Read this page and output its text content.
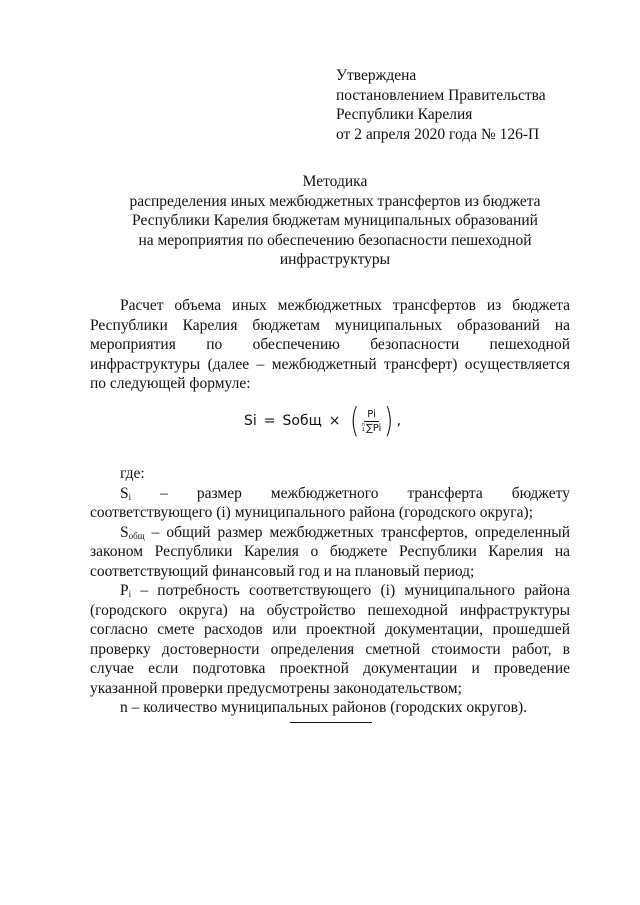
Утверждена
постановлением Правительства
Республики Карелия
от 2 апреля 2020 года № 126-П
Методика
распределения иных межбюджетных трансфертов из бюджета
Республики Карелия бюджетам муниципальных образований
на мероприятия по обеспечению безопасности пешеходной
инфраструктуры

Расчет объема иных межбюджетных трансфертов из бюджета Республики Карелия бюджетам муниципальных образований на мероприятия по обеспечению безопасности пешеходной инфраструктуры (далее – межбюджетный трансферт) осуществляется по следующей формуле:

Si = Sобщ × ( Pi
n
1 ∑ Pi ) ,

где:

$S_i$ – размер межбюджетного трансферта бюджету соответствующего (i) муниципального района (городского округа);

$S_{общ}$ – общий размер межбюджетных трансфертов, определенный законом Республики Карелия о бюджете Республики Карелия на соответствующий финансовый год и на плановый период;

$P_i$ – потребность соответствующего (i) муниципального района (городского округа) на обустройство пешеходной инфраструктуры согласно смете расходов или проектной документации, прошедшей проверку достоверности определения сметной стоимости работ, в случае если подготовка проектной документации и проведение указанной проверки предусмотрены законодательством;

n – количество муниципальных районов (городских округов).
